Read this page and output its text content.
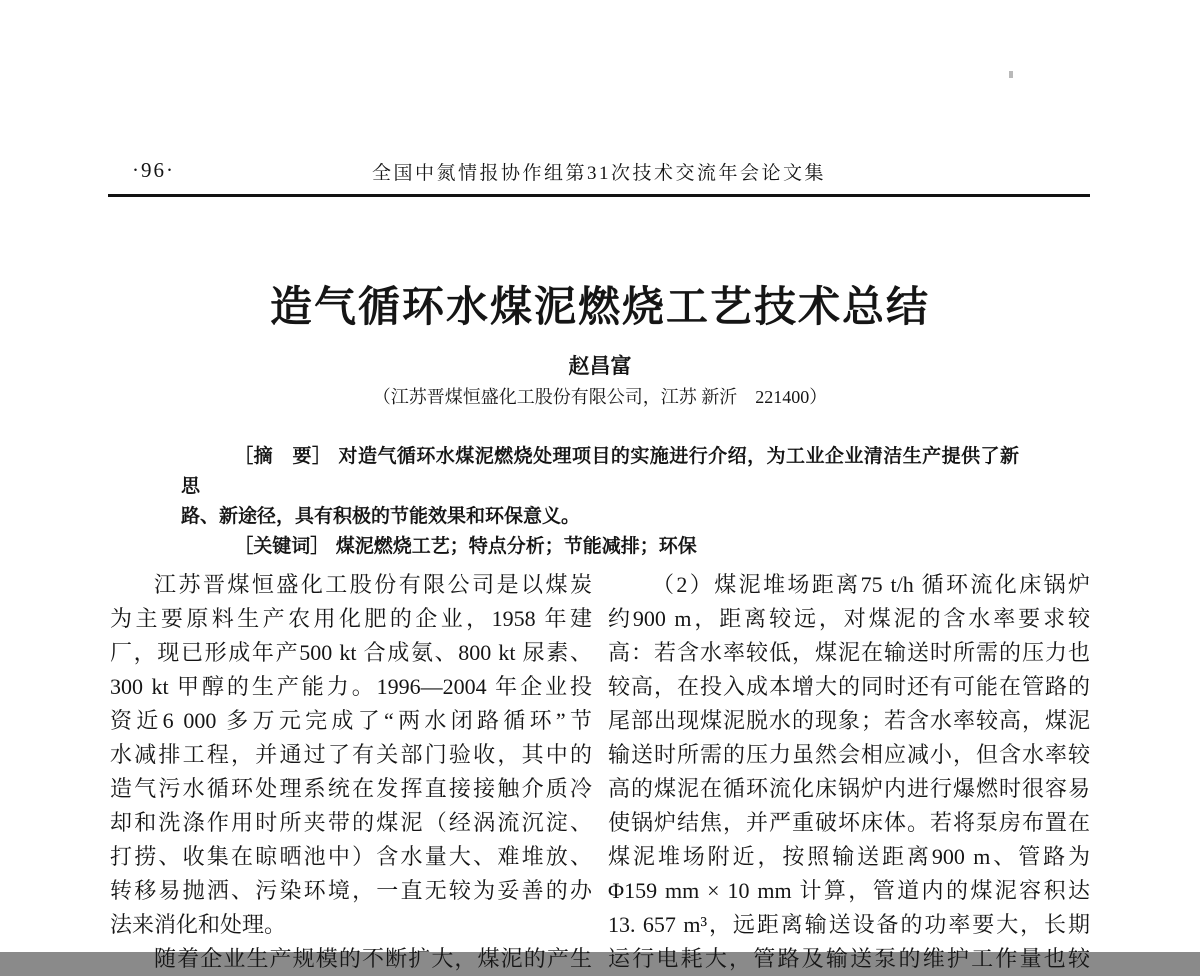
·96·	全国中氮情报协作组第31次技术交流年会论文集
造气循环水煤泥燃烧工艺技术总结
赵昌富
（江苏晋煤恒盛化工股份有限公司，江苏 新沂　221400）
［摘　要］ 对造气循环水煤泥燃烧处理项目的实施进行介绍，为工业企业清洁生产提供了新思
路、新途径，具有积极的节能效果和环保意义。
［关键词］ 煤泥燃烧工艺；特点分析；节能减排；环保
江苏晋煤恒盛化工股份有限公司是以煤炭
为主要原料生产农用化肥的企业，1958 年建
厂，现已形成年产500 kt 合成氨、800 kt 尿素、
300 kt 甲醇的生产能力。1996—2004 年企业投
资近6 000 多万元完成了“两水闭路循环”节
水减排工程，并通过了有关部门验收，其中的
造气污水循环处理系统在发挥直接接触介质冷
却和洗涤作用时所夹带的煤泥（经涡流沉淀、
打捞、收集在晾晒池中）含水量大、难堆放、
转移易抛洒、污染环境，一直无较为妥善的办
法来消化和处理。
随着企业生产规模的不断扩大，煤泥的产生
（2）煤泥堆场距离75 t/h 循环流化床锅炉
约900 m，距离较远，对煤泥的含水率要求较
高：若含水率较低，煤泥在输送时所需的压力也
较高，在投入成本增大的同时还有可能在管路的
尾部出现煤泥脱水的现象；若含水率较高，煤泥
输送时所需的压力虽然会相应减小，但含水率较
高的煤泥在循环流化床锅炉内进行爆燃时很容易
使锅炉结焦，并严重破坏床体。若将泵房布置在
煤泥堆场附近，按照输送距离900 m、管路为
Φ159 mm × 10 mm 计算，管道内的煤泥容积达
13. 657 m³，远距离输送设备的功率要大，长期
运行电耗大，管路及输送泵的维护工作量也较
